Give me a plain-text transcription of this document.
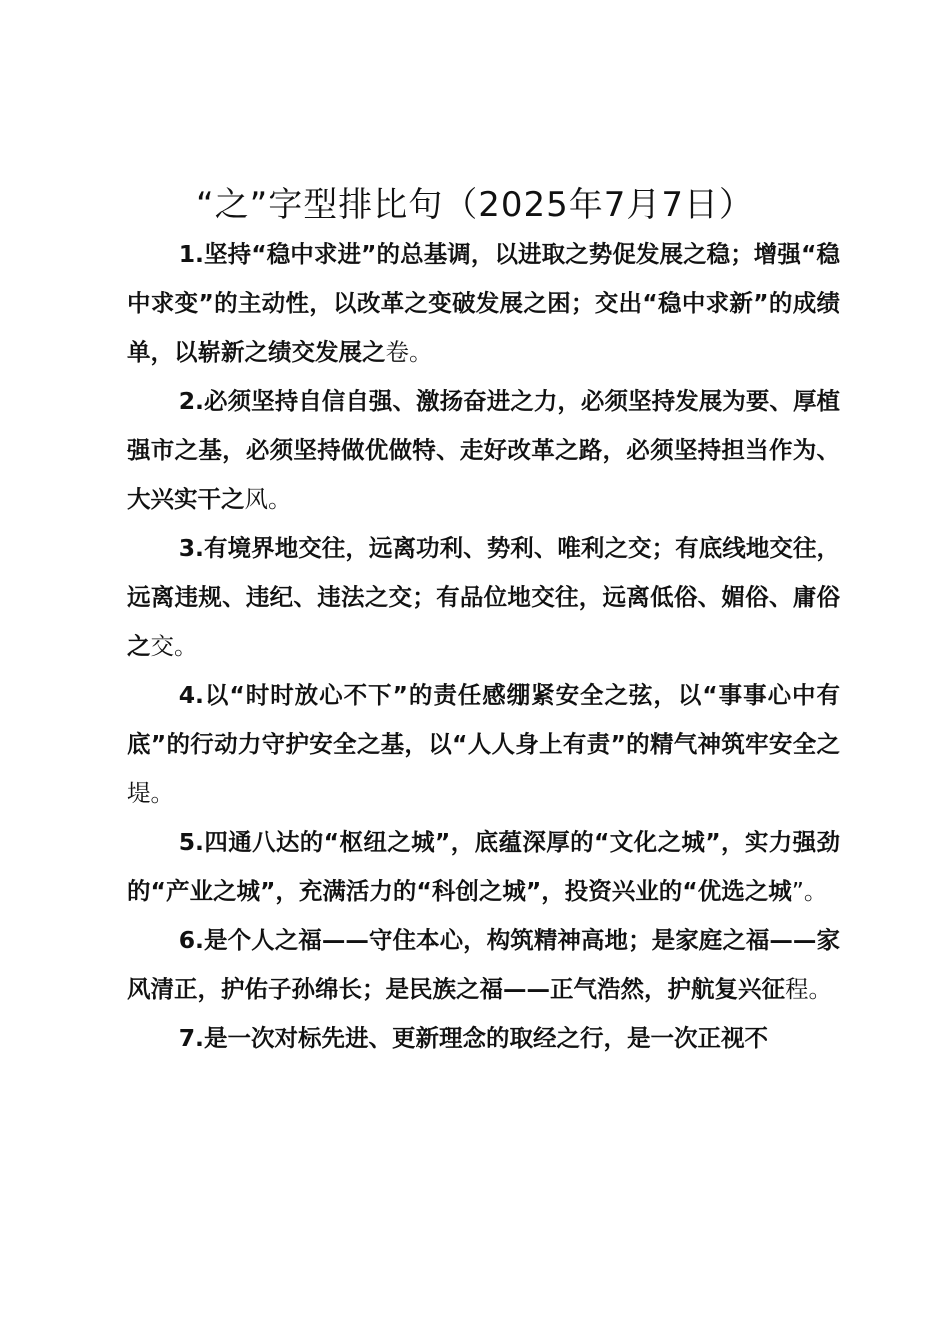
“之”字型排比句（2025年7月7日）

1.坚持“稳中求进”的总基调，以进取之势促发展之稳；增强“稳中求变”的主动性，以改革之变破发展之困；交出“稳中求新”的成绩单，以崭新之绩交发展之卷。

2.必须坚持自信自强、激扬奋进之力，必须坚持发展为要、厚植强市之基，必须坚持做优做特、走好改革之路，必须坚持担当作为、大兴实干之风。

3.有境界地交往，远离功利、势利、唯利之交；有底线地交往，远离违规、违纪、违法之交；有品位地交往，远离低俗、媚俗、庸俗之交。

4.以“时时放心不下”的责任感绷紧安全之弦，以“事事心中有底”的行动力守护安全之基，以“人人身上有责”的精气神筑牢安全之堤。

5.四通八达的“枢纽之城”，底蕴深厚的“文化之城”，实力强劲的“产业之城”，充满活力的“科创之城”，投资兴业的“优选之城”。

6.是个人之福——守住本心，构筑精神高地；是家庭之福——家风清正，护佑子孙绵长；是民族之福——正气浩然，护航复兴征程。

7.是一次对标先进、更新理念的取经之行，是一次正视不
